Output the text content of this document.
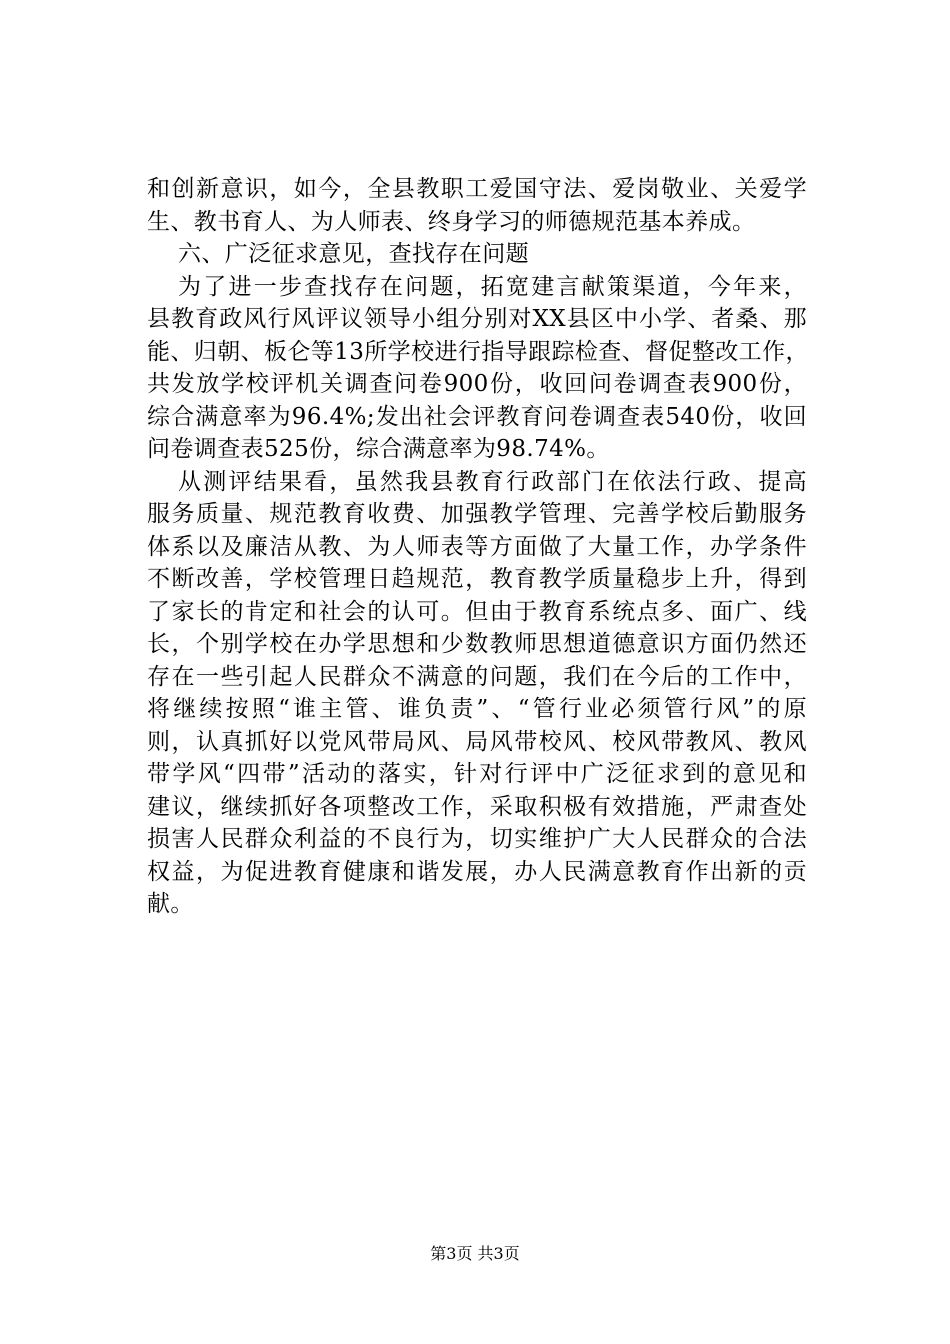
和创新意识，如今，全县教职工爱国守法、爱岗敬业、关爱学
生、教书育人、为人师表、终身学习的师德规范基本养成。
六、广泛征求意见，查找存在问题
为了进一步查找存在问题，拓宽建言献策渠道，今年来，
县教育政风行风评议领导小组分别对XX县区中小学、者桑、那
能、归朝、板仑等13所学校进行指导跟踪检查、督促整改工作，
共发放学校评机关调查问卷900份，收回问卷调查表900份，
综合满意率为96.4%;发出社会评教育问卷调查表540份，收回
问卷调查表525份，综合满意率为98.74%。
从测评结果看，虽然我县教育行政部门在依法行政、提高
服务质量、规范教育收费、加强教学管理、完善学校后勤服务
体系以及廉洁从教、为人师表等方面做了大量工作，办学条件
不断改善，学校管理日趋规范，教育教学质量稳步上升，得到
了家长的肯定和社会的认可。但由于教育系统点多、面广、线
长，个别学校在办学思想和少数教师思想道德意识方面仍然还
存在一些引起人民群众不满意的问题，我们在今后的工作中，
将继续按照“谁主管、谁负责”、“管行业必须管行风”的原
则，认真抓好以党风带局风、局风带校风、校风带教风、教风
带学风“四带”活动的落实，针对行评中广泛征求到的意见和
建议，继续抓好各项整改工作，采取积极有效措施，严肃查处
损害人民群众利益的不良行为，切实维护广大人民群众的合法
权益，为促进教育健康和谐发展，办人民满意教育作出新的贡
献。
第3页 共3页
